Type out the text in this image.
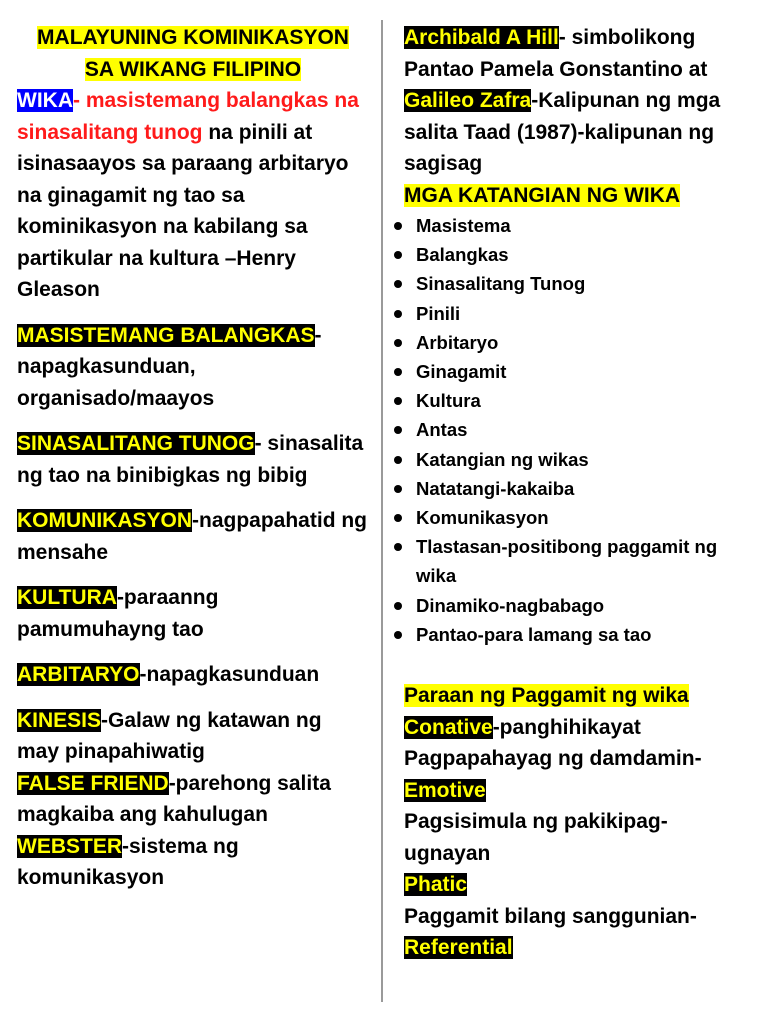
MALAYUNING KOMINIKASYON
SA WIKANG FILIPINO

WIKA- masistemang balangkas na sinasalitang tunog na pinili at isinasaayos sa paraang arbitaryo na ginagamit ng tao sa kominikasyon na kabilang sa partikular na kultura –Henry Gleason

MASISTEMANG BALANGKAS- napagkasunduan, organisado/maayos

SINASALITANG TUNOG- sinasalita ng tao na binibigkas ng bibig

KOMUNIKASYON-nagpapahatid ng mensahe

KULTURA-paraanng pamumuhayng tao

ARBITARYO-napagkasunduan

KINESIS-Galaw ng katawan ng may pinapahiwatig

FALSE FRIEND-parehong salita magkaiba ang kahulugan

WEBSTER-sistema ng komunikasyon

Archibald A Hill- simbolikong Pantao Pamela Gonstantino at Galileo Zafra-Kalipunan ng mga salita Taad (1987)-kalipunan ng sagisag

MGA KATANGIAN NG WIKA
Masistema
Balangkas
Sinasalitang Tunog
Pinili
Arbitaryo
Ginagamit
Kultura
Antas
Katangian ng wikas
Natatangi-kakaiba
Komunikasyon
Tlastasan-positibong paggamit ng wika
Dinamiko-nagbabago
Pantao-para lamang sa tao

Paraan ng Paggamit ng wika

Conative-panghihikayat

Pagpapahayag ng damdamin-Emotive

Pagsisimula ng pakikipag-ugnayan
Phatic

Paggamit bilang sanggunian-Referential
